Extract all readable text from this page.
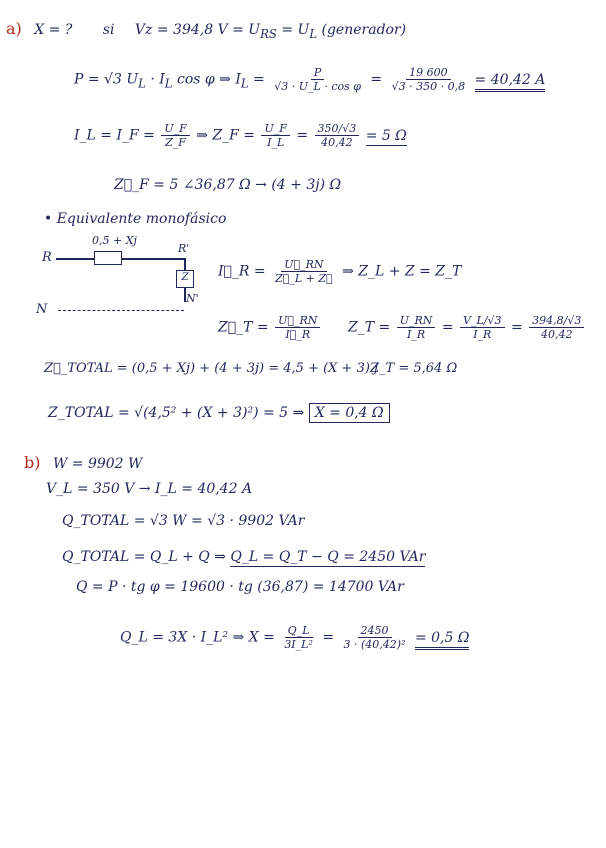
a) X = ? si Vz = 394,8 $V = U_{RS} = U_L$ (generador)
P = √3 $U_L \cdot I_L$ cos φ ⇒ $I_L = \frac{P}{\text{√3 · U\_L · cos φ}} = \frac{19 600}{√3 \cdot 350 \cdot 0,8} = 40,42$ A
I_L = I_F = $\frac{U\_F}{Z\_F}$ ⇒ Z_F = $\frac{U\_F}{I\_L} = \frac{350/√3}{40,42} = 5$ Ω
Z⃗_F = 5 ∠36,87 Ω → (4 + 3j) Ω
• Equivalente monofásico
0,5 + Xj
R
R'
Z
N'
N
I⃗_R = $\frac{U⃗\_RN}{Z⃗\_L + Z⃗}$ ⇒ Z_L + Z = Z_T
Z⃗_T = $\frac{U⃗\_RN}{I⃗\_R}$ Z_T = $\frac{U\_RN}{I\_R} = \frac{V\_L/√3}{I\_R} = \frac{394,8/√3}{40,42}$
Z⃗_TOTAL = (0,5 + Xj) + (4 + 3j) = 4,5 + (X + 3) j
Z_T = 5,64 Ω
Z_TOTAL = √(4,5² + (X + 3)²) = 5 ⇒ X = 0,4 Ω
b) W = 9902 W
V_L = 350 V → I_L = 40,42 A
Q_TOTAL = √3 W = √3 · 9902 VAr
Q_TOTAL = Q_L + Q ⇒ Q_L = Q_T − Q = 2450 VAr
Q = P · tg φ = 19600 · tg (36,87) = 14700 VAr
Q_L = 3X · I_L² ⇒ $X = \frac{Q\_L}{\text{3I\_L²}} = \frac{2450}{\text{3 · (40,42)²}} = 0,5$ Ω
